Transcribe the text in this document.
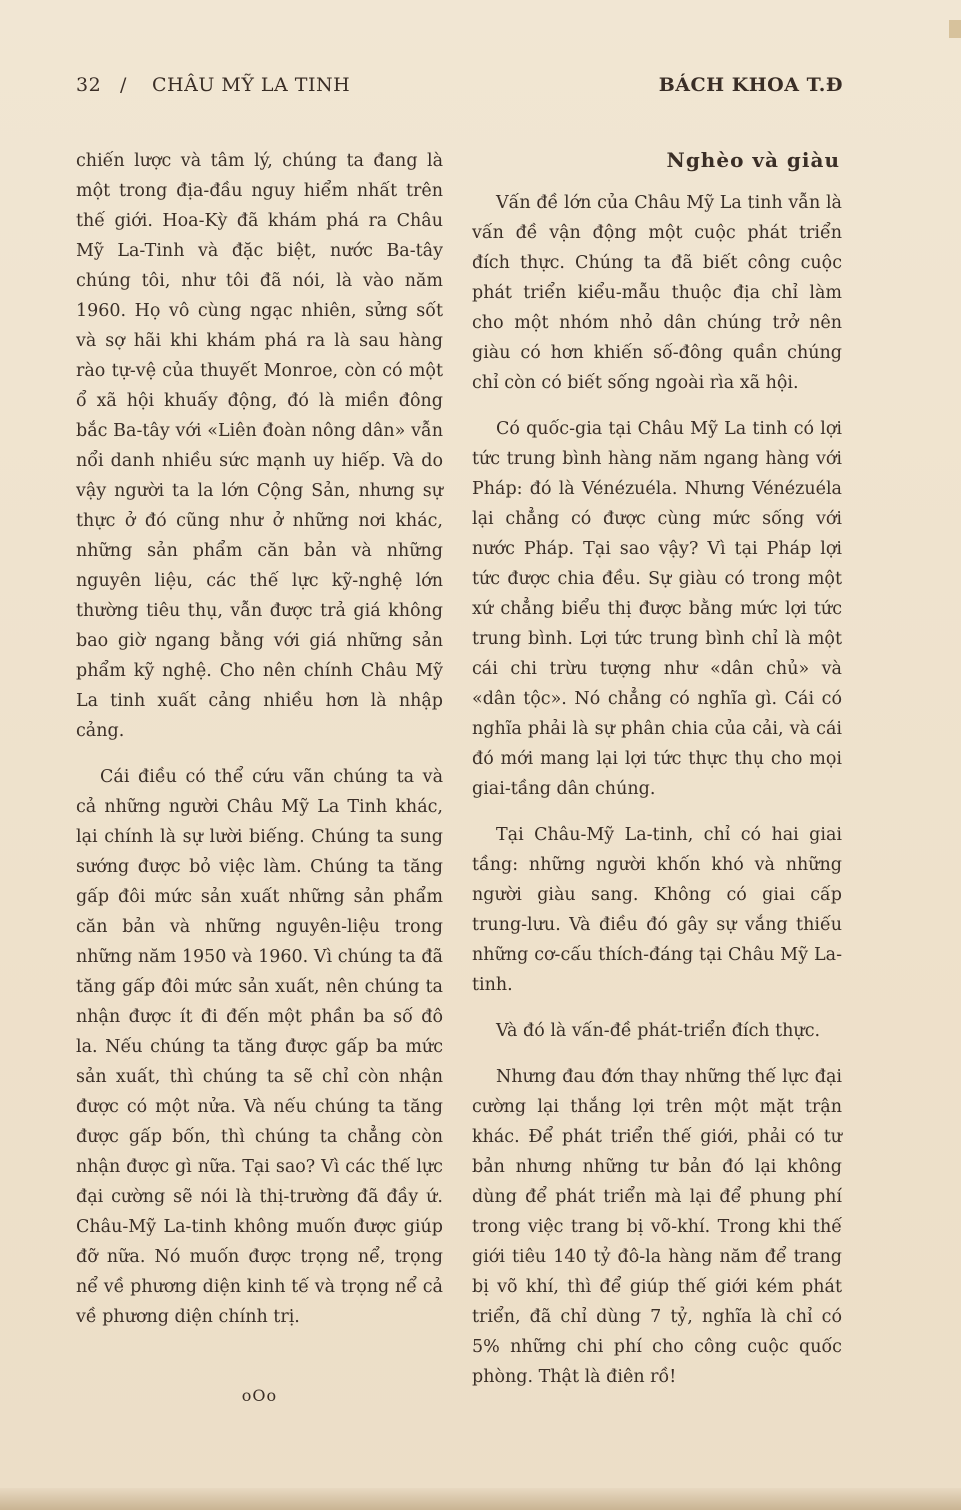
32 / CHÂU MỸ LA TINH	BÁCH KHOA T.Đ

chiến lược và tâm lý, chúng ta đang là một trong địa-đầu nguy hiểm nhất trên thế giới. Hoa-Kỳ đã khám phá ra Châu Mỹ La-Tinh và đặc biệt, nước Ba-tây chúng tôi, như tôi đã nói, là vào năm 1960. Họ vô cùng ngạc nhiên, sửng sốt và sợ hãi khi khám phá ra là sau hàng rào tự-vệ của thuyết Monroe, còn có một ổ xã hội khuấy động, đó là miền đông bắc Ba-tây với «Liên đoàn nông dân» vẫn nổi danh nhiều sức mạnh uy hiếp. Và do vậy người ta la lớn Cộng Sản, nhưng sự thực ở đó cũng như ở những nơi khác, những sản phẩm căn bản và những nguyên liệu, các thế lực kỹ-nghệ lớn thường tiêu thụ, vẫn được trả giá không bao giờ ngang bằng với giá những sản phẩm kỹ nghệ. Cho nên chính Châu Mỹ La tinh xuất cảng nhiều hơn là nhập cảng.

Cái điều có thể cứu vãn chúng ta và cả những người Châu Mỹ La Tinh khác, lại chính là sự lười biếng. Chúng ta sung sướng được bỏ việc làm. Chúng ta tăng gấp đôi mức sản xuất những sản phẩm căn bản và những nguyên-liệu trong những năm 1950 và 1960. Vì chúng ta đã tăng gấp đôi mức sản xuất, nên chúng ta nhận được ít đi đến một phần ba số đô la. Nếu chúng ta tăng được gấp ba mức sản xuất, thì chúng ta sẽ chỉ còn nhận được có một nửa. Và nếu chúng ta tăng được gấp bốn, thì chúng ta chẳng còn nhận được gì nữa. Tại sao? Vì các thế lực đại cường sẽ nói là thị-trường đã đầy ứ. Châu-Mỹ La-tinh không muốn được giúp đỡ nữa. Nó muốn được trọng nể, trọng nể về phương diện kinh tế và trọng nể cả về phương diện chính trị.

oOo
Nghèo và giàu

Vấn đề lớn của Châu Mỹ La tinh vẫn là vấn đề vận động một cuộc phát triển đích thực. Chúng ta đã biết công cuộc phát triển kiểu-mẫu thuộc địa chỉ làm cho một nhóm nhỏ dân chúng trở nên giàu có hơn khiến số-đông quần chúng chỉ còn có biết sống ngoài rìa xã hội.

Có quốc-gia tại Châu Mỹ La tinh có lợi tức trung bình hàng năm ngang hàng với Pháp: đó là Vénézuéla. Nhưng Vénézuéla lại chẳng có được cùng mức sống với nước Pháp. Tại sao vậy? Vì tại Pháp lợi tức được chia đều. Sự giàu có trong một xứ chẳng biểu thị được bằng mức lợi tức trung bình. Lợi tức trung bình chỉ là một cái chi trừu tượng như «dân chủ» và «dân tộc». Nó chẳng có nghĩa gì. Cái có nghĩa phải là sự phân chia của cải, và cái đó mới mang lại lợi tức thực thụ cho mọi giai-tầng dân chúng.

Tại Châu-Mỹ La-tinh, chỉ có hai giai tầng: những người khốn khó và những người giàu sang. Không có giai cấp trung-lưu. Và điều đó gây sự vắng thiếu những cơ-cấu thích-đáng tại Châu Mỹ La-tinh.

Và đó là vấn-đề phát-triển đích thực.

Nhưng đau đớn thay những thế lực đại cường lại thắng lợi trên một mặt trận khác. Để phát triển thế giới, phải có tư bản nhưng những tư bản đó lại không dùng để phát triển mà lại để phung phí trong việc trang bị võ-khí. Trong khi thế giới tiêu 140 tỷ đô-la hàng năm để trang bị võ khí, thì để giúp thế giới kém phát triển, đã chỉ dùng 7 tỷ, nghĩa là chỉ có 5% những chi phí cho công cuộc quốc phòng. Thật là điên rồ!
